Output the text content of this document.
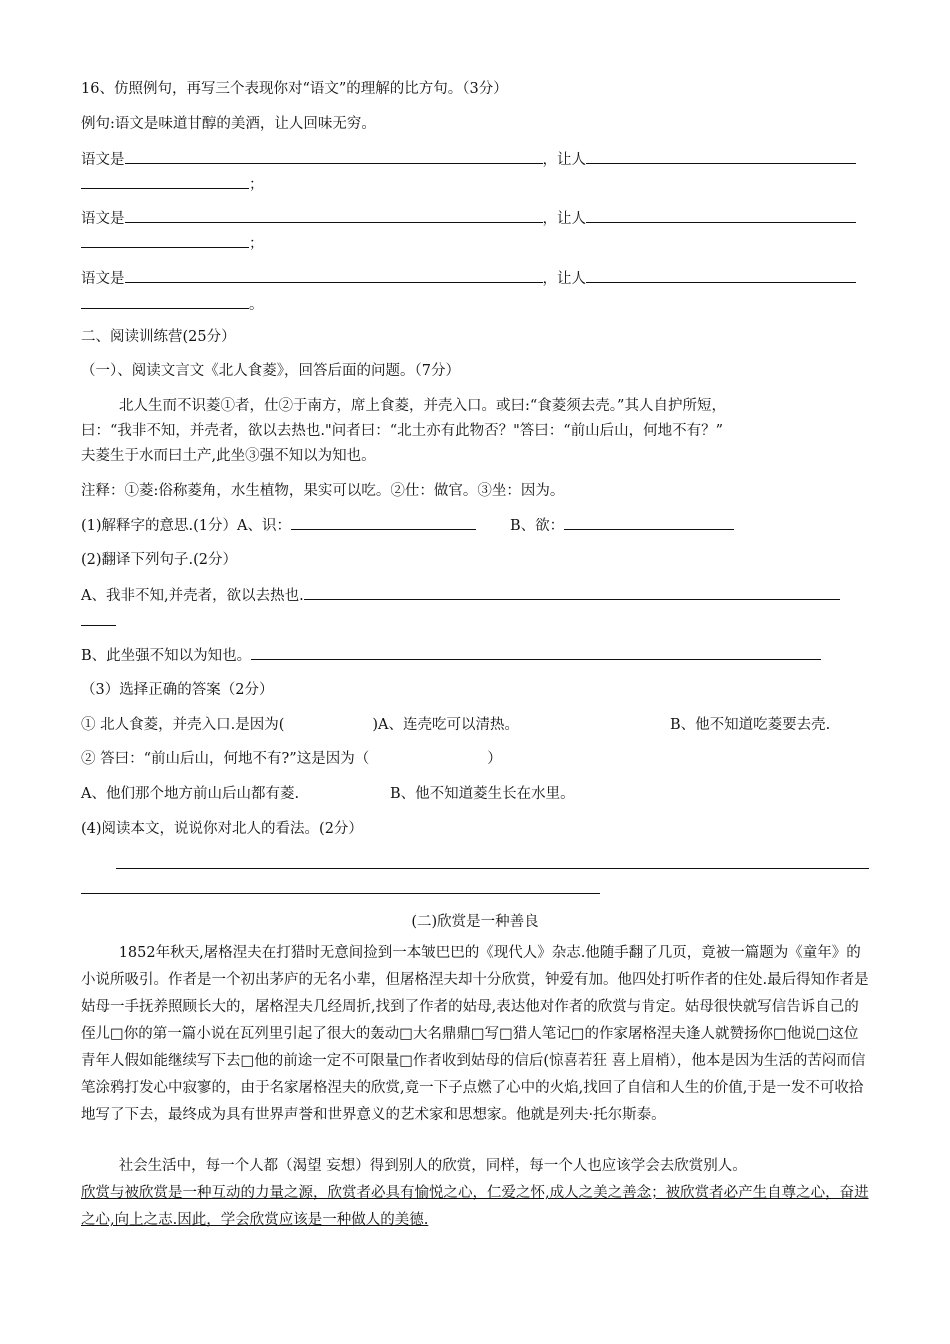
16、仿照例句，再写三个表现你对“语文”的理解的比方句。（3分）
例句:语文是味道甘醇的美酒，让人回味无穷。
语文是	，让人
；
语文是	，让人
；
语文是	，让人
。
二、阅读训练营(25分）
（一）、阅读文言文《北人食菱》，回答后面的问题。（7分）
北人生而不识菱①者，仕②于南方，席上食菱，并壳入口。或曰:“食菱须去壳。”其人自护所短，
曰：“我非不知，并壳者，欲以去热也."问者曰：“北土亦有此物否？"答曰：“前山后山，何地不有？”
夫菱生于水而曰土产,此坐③强不知以为知也。
注释：①菱:俗称菱角，水生植物，果实可以吃。②仕：做官。③坐：因为。
(1)解释字的意思.(1分）A、识：	B、欲：
(2)翻译下列句子.(2分）
A、我非不知,并壳者，欲以去热也.
B、此坐强不知以为知也。
（3）选择正确的答案（2分）
① 北人食菱，并壳入口.是因为(	)A、连壳吃可以清热。	B、他不知道吃菱要去壳.
② 答曰：“前山后山，何地不有?”这是因为（	）
A、他们那个地方前山后山都有菱.	B、他不知道菱生长在水里。
(4)阅读本文，说说你对北人的看法。(2分）
(二)欣赏是一种善良
1852年秋天,屠格涅夫在打猎时无意间捡到一本皱巴巴的《现代人》杂志.他随手翻了几页，竟被一篇题为《童年》的小说所吸引。作者是一个初出茅庐的无名小辈，但屠格涅夫却十分欣赏，钟爱有加。他四处打听作者的住处.最后得知作者是姑母一手抚养照顾长大的，屠格涅夫几经周折,找到了作者的姑母,表达他对作者的欣赏与肯定。姑母很快就写信告诉自己的侄儿□你的第一篇小说在瓦列里引起了很大的轰动□大名鼎鼎□写□猎人笔记□的作家屠格涅夫逢人就赞扬你□他说□这位青年人假如能继续写下去□他的前途一定不可限量□作者收到姑母的信后(惊喜若狂 喜上眉梢），他本是因为生活的苦闷而信笔涂鸦打发心中寂寥的，由于名家屠格涅夫的欣赏,竟一下子点燃了心中的火焰,找回了自信和人生的价值,于是一发不可收拾地写了下去，最终成为具有世界声誉和世界意义的艺术家和思想家。他就是列夫·托尔斯泰。
社会生活中，每一个人都（渴望 妄想）得到别人的欣赏，同样，每一个人也应该学会去欣赏别人。
欣赏与被欣赏是一种互动的力量之源，欣赏者必具有愉悦之心，仁爱之怀,成人之美之善念；被欣赏者必产生自尊之心，奋进之心,向上之志.因此，学会欣赏应该是一种做人的美德.
